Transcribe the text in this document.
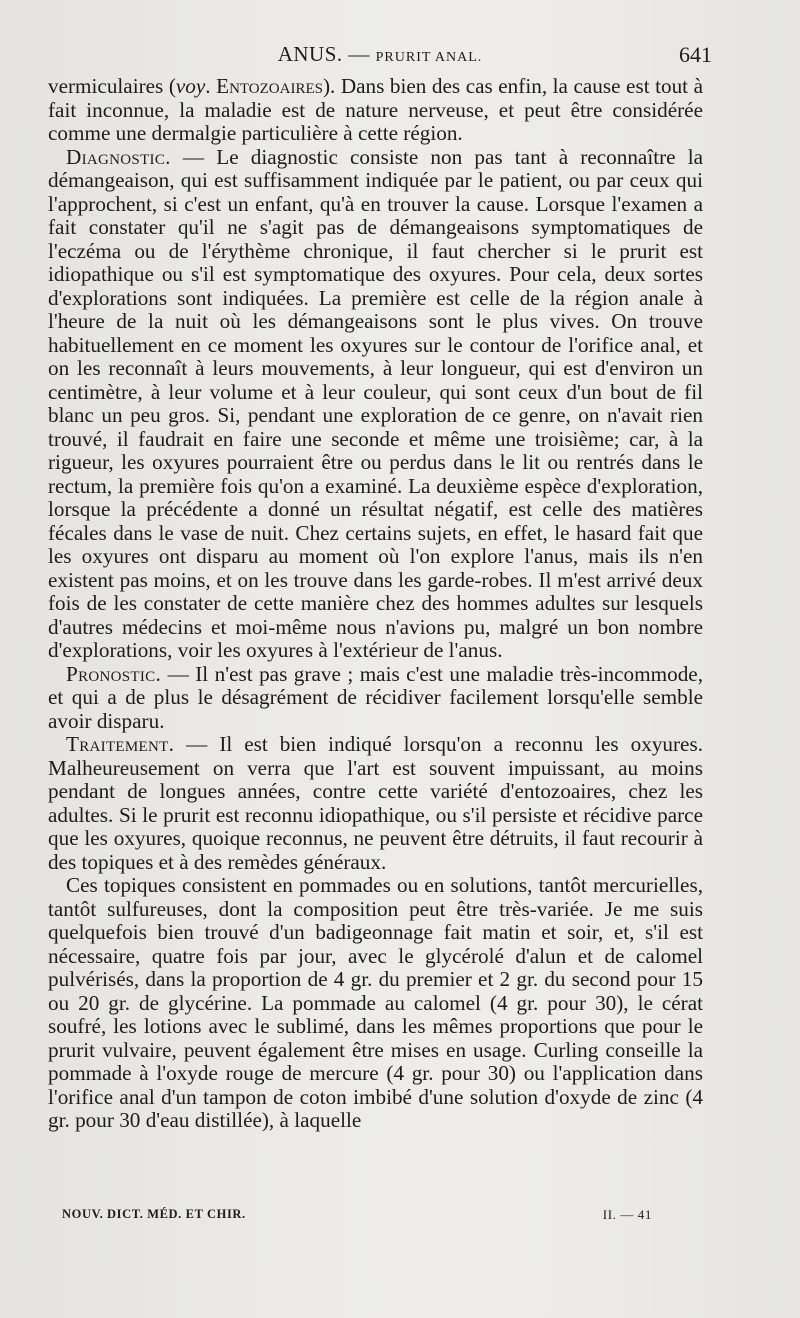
ANUS. — PRURIT ANAL.	641

vermiculaires (voy. Entozoaires). Dans bien des cas enfin, la cause est tout à fait inconnue, la maladie est de nature nerveuse, et peut être considérée comme une dermalgie particulière à cette région.

Diagnostic. — Le diagnostic consiste non pas tant à reconnaître la démangeaison, qui est suffisamment indiquée par le patient, ou par ceux qui l'approchent, si c'est un enfant, qu'à en trouver la cause. Lorsque l'examen a fait constater qu'il ne s'agit pas de démangeaisons symptomatiques de l'eczéma ou de l'érythème chronique, il faut chercher si le prurit est idiopathique ou s'il est symptomatique des oxyures. Pour cela, deux sortes d'explorations sont indiquées. La première est celle de la région anale à l'heure de la nuit où les démangeaisons sont le plus vives. On trouve habituellement en ce moment les oxyures sur le contour de l'orifice anal, et on les reconnaît à leurs mouvements, à leur longueur, qui est d'environ un centimètre, à leur volume et à leur couleur, qui sont ceux d'un bout de fil blanc un peu gros. Si, pendant une exploration de ce genre, on n'avait rien trouvé, il faudrait en faire une seconde et même une troisième; car, à la rigueur, les oxyures pourraient être ou perdus dans le lit ou rentrés dans le rectum, la première fois qu'on a examiné. La deuxième espèce d'exploration, lorsque la précédente a donné un résultat négatif, est celle des matières fécales dans le vase de nuit. Chez certains sujets, en effet, le hasard fait que les oxyures ont disparu au moment où l'on explore l'anus, mais ils n'en existent pas moins, et on les trouve dans les garde-robes. Il m'est arrivé deux fois de les constater de cette manière chez des hommes adultes sur lesquels d'autres médecins et moi-même nous n'avions pu, malgré un bon nombre d'explorations, voir les oxyures à l'extérieur de l'anus.

Pronostic. — Il n'est pas grave ; mais c'est une maladie très-incommode, et qui a de plus le désagrément de récidiver facilement lorsqu'elle semble avoir disparu.

Traitement. — Il est bien indiqué lorsqu'on a reconnu les oxyures. Malheureusement on verra que l'art est souvent impuissant, au moins pendant de longues années, contre cette variété d'entozoaires, chez les adultes. Si le prurit est reconnu idiopathique, ou s'il persiste et récidive parce que les oxyures, quoique reconnus, ne peuvent être détruits, il faut recourir à des topiques et à des remèdes généraux.

Ces topiques consistent en pommades ou en solutions, tantôt mercurielles, tantôt sulfureuses, dont la composition peut être très-variée. Je me suis quelquefois bien trouvé d'un badigeonnage fait matin et soir, et, s'il est nécessaire, quatre fois par jour, avec le glycérolé d'alun et de calomel pulvérisés, dans la proportion de 4 gr. du premier et 2 gr. du second pour 15 ou 20 gr. de glycérine. La pommade au calomel (4 gr. pour 30), le cérat soufré, les lotions avec le sublimé, dans les mêmes proportions que pour le prurit vulvaire, peuvent également être mises en usage. Curling conseille la pommade à l'oxyde rouge de mercure (4 gr. pour 30) ou l'application dans l'orifice anal d'un tampon de coton imbibé d'une solution d'oxyde de zinc (4 gr. pour 30 d'eau distillée), à laquelle

NOUV. DICT. MÉD. ET CHIR.	II. — 41
